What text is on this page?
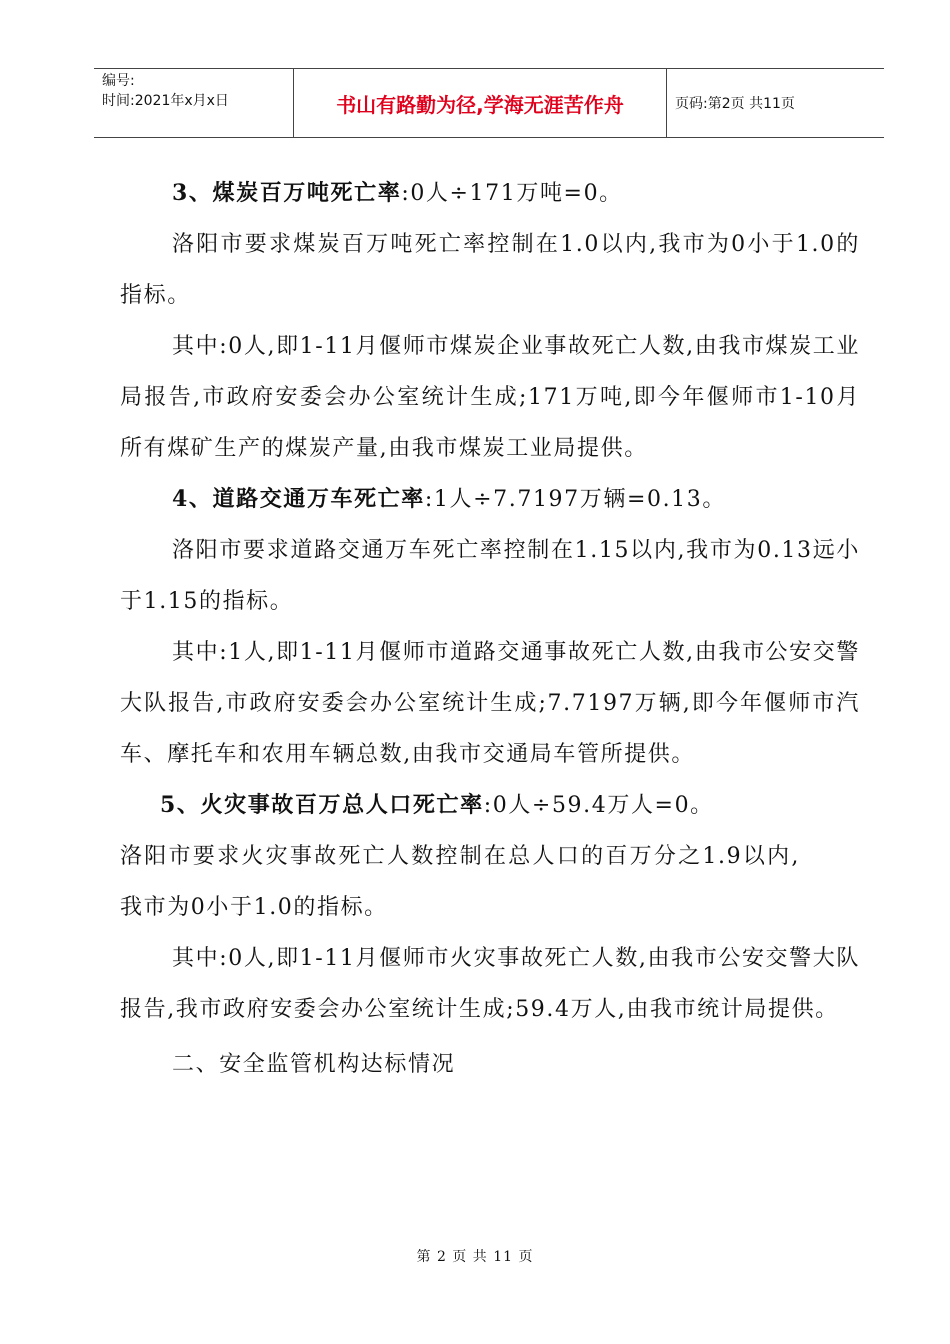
编号:
时间:2021年x月x日	书山有路勤为径,学海无涯苦作舟	页码:第2页 共11页

3、煤炭百万吨死亡率:0人÷171万吨=0。

洛阳市要求煤炭百万吨死亡率控制在1.0以内,我市为0小于1.0的指标。

其中:0人,即1-11月偃师市煤炭企业事故死亡人数,由我市煤炭工业局报告,市政府安委会办公室统计生成;171万吨,即今年偃师市1-10月所有煤矿生产的煤炭产量,由我市煤炭工业局提供。

4、道路交通万车死亡率:1人÷7.7197万辆=0.13。

洛阳市要求道路交通万车死亡率控制在1.15以内,我市为0.13远小于1.15的指标。

其中:1人,即1-11月偃师市道路交通事故死亡人数,由我市公安交警大队报告,市政府安委会办公室统计生成;7.7197万辆,即今年偃师市汽车、摩托车和农用车辆总数,由我市交通局车管所提供。

5、火灾事故百万总人口死亡率:0人÷59.4万人=0。

洛阳市要求火灾事故死亡人数控制在总人口的百万分之1.9以内,我市为0小于1.0的指标。

其中:0人,即1-11月偃师市火灾事故死亡人数,由我市公安交警大队报告,我市政府安委会办公室统计生成;59.4万人,由我市统计局提供。

二、安全监管机构达标情况

第 2 页 共 11 页
